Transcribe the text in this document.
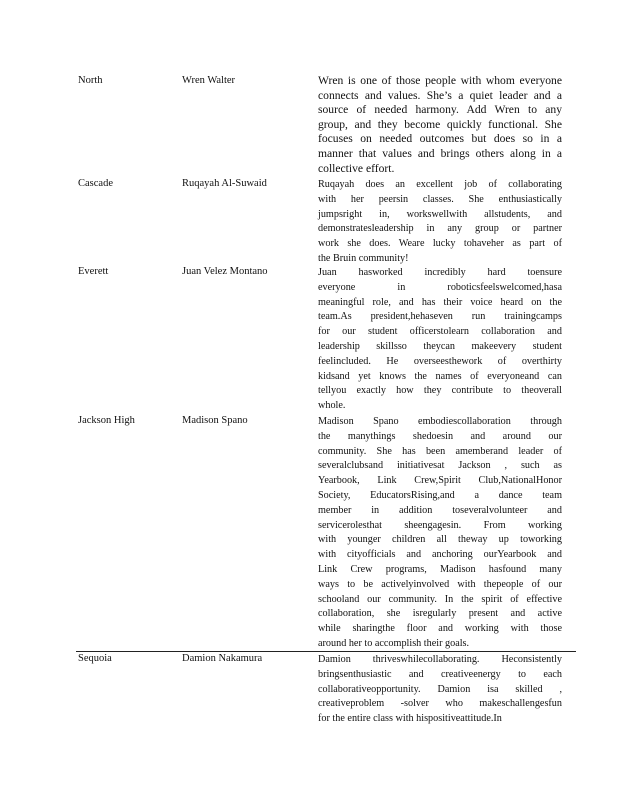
North	Wren Walter	Wren is one of those people with whom everyone
connects and values. She’s a quiet leader and a
source of needed harmony. Add Wren to any
group, and they become quickly functional. She
focuses on needed outcomes but does so in a
manner that values and brings others along in a
collective effort.
Cascade	Ruqayah Al-Suwaid	Ruqayah does an excellent job of collaborating
with her peersin classes. She enthusiastically
jumpsright in, workswellwith allstudents, and
demonstratesleadership in any group or partner
work she does. Weare lucky tohaveher as part of
the Bruin community!
Everett	Juan Velez Montano	Juan hasworked incredibly hard toensure
everyone in roboticsfeelswelcomed,hasa
meaningful role, and has their voice heard on the
team.As president,hehaseven run trainingcamps
for our student officerstolearn collaboration and
leadership skillsso theycan makeevery student
feelincluded. He overseesthework of overthirty
kidsand yet knows the names of everyoneand can
tellyou exactly how they contribute to theoverall
whole.
Jackson High	Madison Spano	Madison Spano embodiescollaboration through
the manythings shedoesin and around our
community. She has been amemberand leader of
severalclubsand initiativesat Jackson , such as
Yearbook, Link Crew,Spirit Club,NationalHonor
Society, EducatorsRising,and a dance team
member in addition toseveralvolunteer and
servicerolesthat sheengagesin. From working
with younger children all theway up toworking
with cityofficials and anchoring ourYearbook and
Link Crew programs, Madison hasfound many
ways to be activelyinvolved with thepeople of our
schooland our community. In the spirit of effective
collaboration, she isregularly present and active
while sharingthe floor and working with those
around her to accomplish their goals.
Sequoia	Damion Nakamura	Damion thriveswhilecollaborating. Heconsistently
bringsenthusiastic and creativeenergy to each
collaborativeopportunity. Damion isa skilled ,
creativeproblem -solver who makeschallengesfun
for the entire class with hispositiveattitude.In
